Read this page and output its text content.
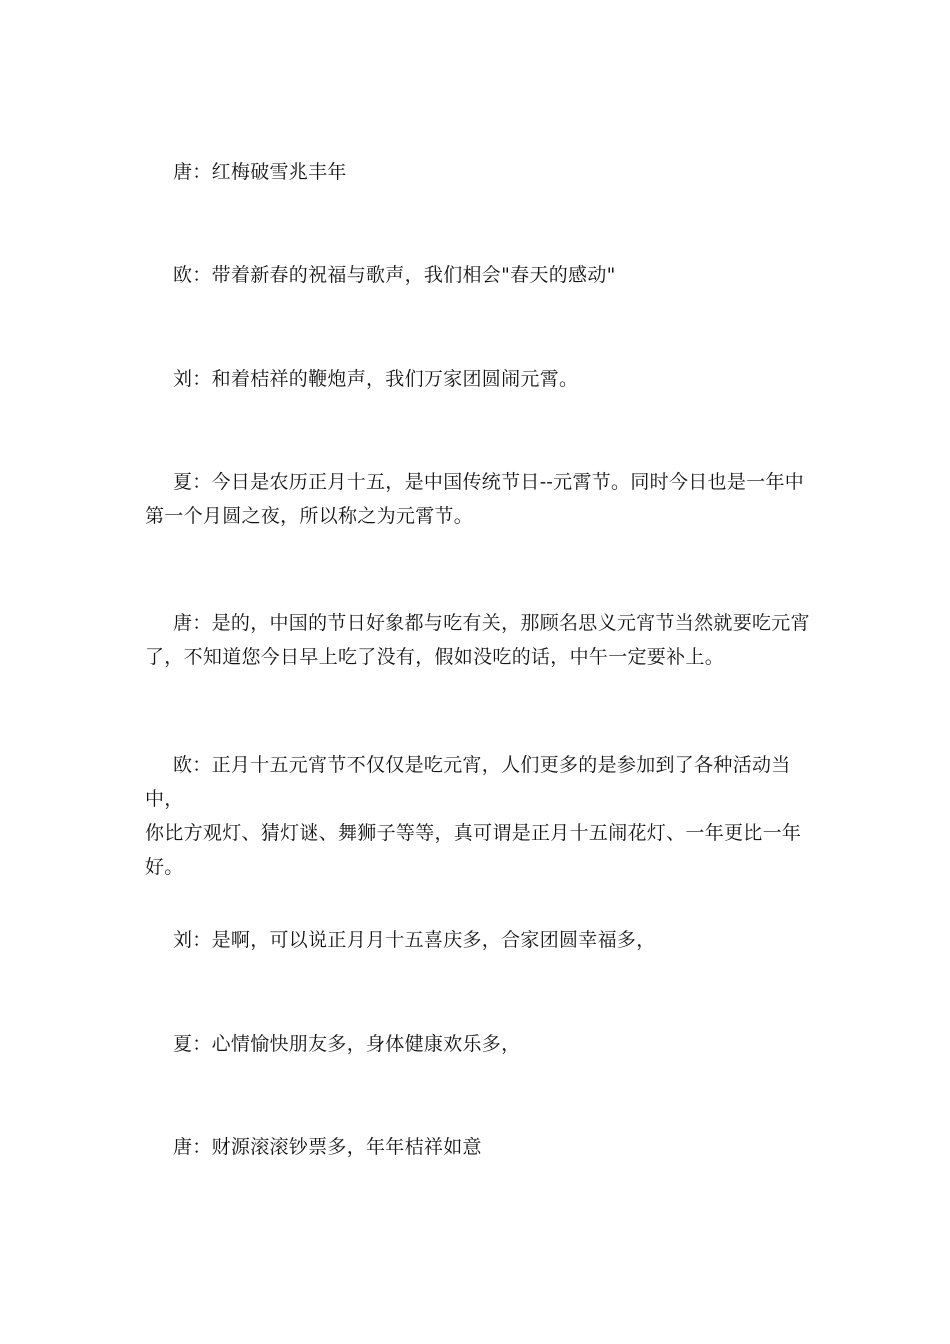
唐：红梅破雪兆丰年

欧：带着新春的祝福与歌声，我们相会"春天的感动"

刘：和着桔祥的鞭炮声，我们万家团圆闹元霄。

夏：今日是农历正月十五，是中国传统节日--元霄节。同时今日也是一年中
第一个月圆之夜，所以称之为元霄节。

唐：是的，中国的节日好象都与吃有关，那顾名思义元宵节当然就要吃元宵
了，不知道您今日早上吃了没有，假如没吃的话，中午一定要补上。

欧：正月十五元宵节不仅仅是吃元宵，人们更多的是参加到了各种活动当中，
你比方观灯、猜灯谜、舞狮子等等，真可谓是正月十五闹花灯、一年更比一年
好。

刘：是啊，可以说正月月十五喜庆多，合家团圆幸福多，

夏：心情愉快朋友多，身体健康欢乐多，

唐：财源滚滚钞票多，年年桔祥如意
